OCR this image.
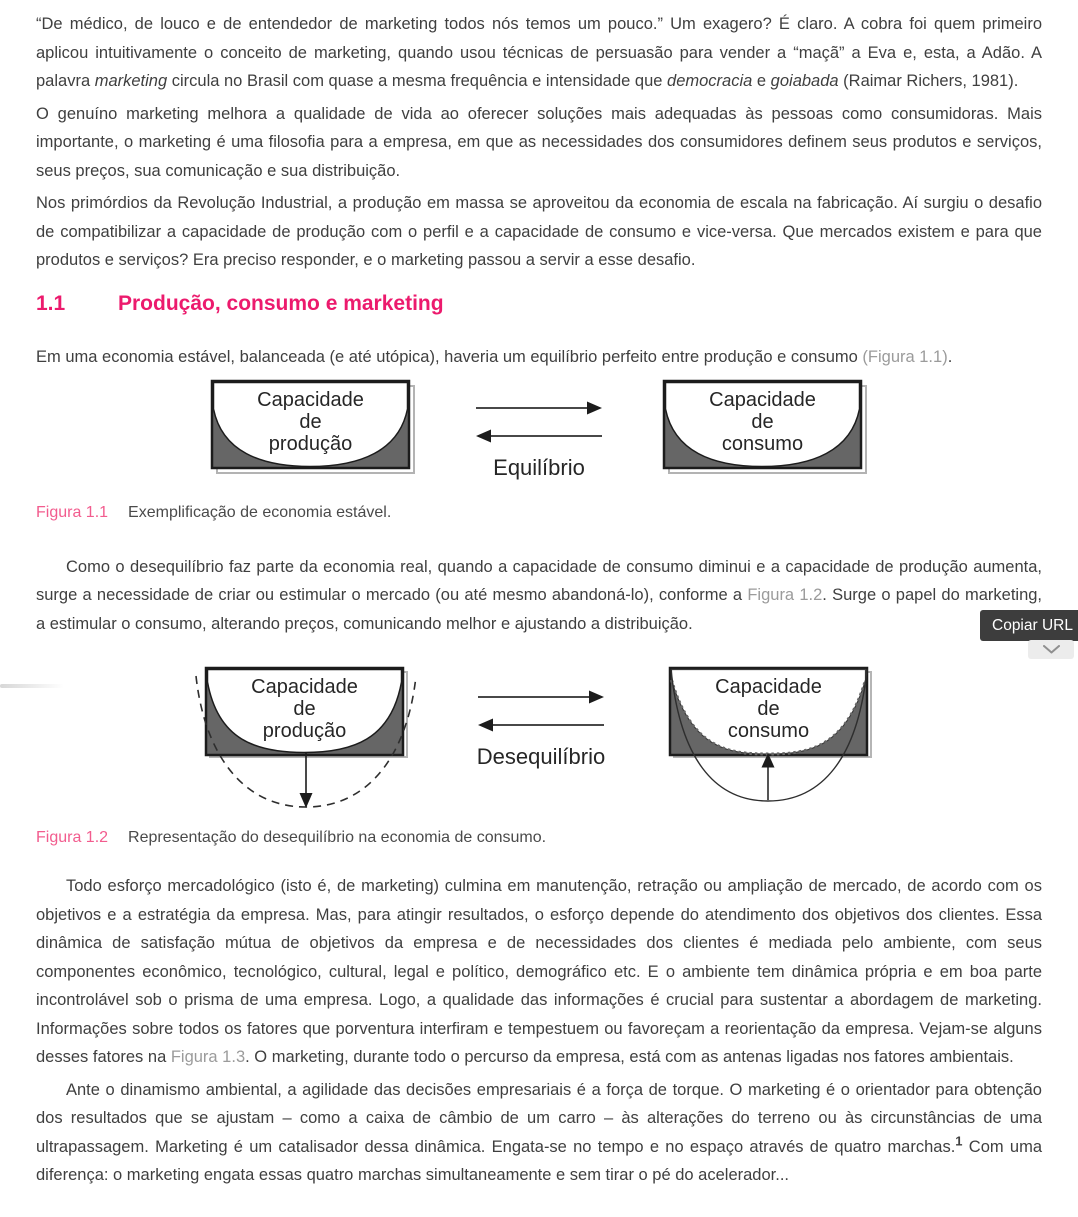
“De médico, de louco e de entendedor de marketing todos nós temos um pouco.” Um exagero? É claro. A cobra foi quem primeiro aplicou intuitivamente o conceito de marketing, quando usou técnicas de persuasão para vender a “maçã” a Eva e, esta, a Adão. A palavra marketing circula no Brasil com quase a mesma frequência e intensidade que democracia e goiabada (Raimar Richers, 1981).

O genuíno marketing melhora a qualidade de vida ao oferecer soluções mais adequadas às pessoas como consumidoras. Mais importante, o marketing é uma filosofia para a empresa, em que as necessidades dos consumidores definem seus produtos e serviços, seus preços, sua comunicação e sua distribuição.

Nos primórdios da Revolução Industrial, a produção em massa se aproveitou da economia de escala na fabricação. Aí surgiu o desafio de compatibilizar a capacidade de produção com o perfil e a capacidade de consumo e vice-versa. Que mercados existem e para que produtos e serviços? Era preciso responder, e o marketing passou a servir a esse desafio.

1.1	Produção, consumo e marketing

Em uma economia estável, balanceada (e até utópica), haveria um equilíbrio perfeito entre produção e consumo (Figura 1.1).

Capacidade
de
produção
Equilíbrio
Capacidade
de
consumo

Figura 1.1 Exemplificação de economia estável.

Como o desequilíbrio faz parte da economia real, quando a capacidade de consumo diminui e a capacidade de produção aumenta, surge a necessidade de criar ou estimular o mercado (ou até mesmo abandoná-lo), conforme a Figura 1.2. Surge o papel do marketing, a estimular o consumo, alterando preços, comunicando melhor e ajustando a distribuição.

Capacidade
de
produção
Desequilíbrio
Capacidade
de
consumo

Figura 1.2 Representação do desequilíbrio na economia de consumo.

Todo esforço mercadológico (isto é, de marketing) culmina em manutenção, retração ou ampliação de mercado, de acordo com os objetivos e a estratégia da empresa. Mas, para atingir resultados, o esforço depende do atendimento dos objetivos dos clientes. Essa dinâmica de satisfação mútua de objetivos da empresa e de necessidades dos clientes é mediada pelo ambiente, com seus componentes econômico, tecnológico, cultural, legal e político, demográfico etc. E o ambiente tem dinâmica própria e em boa parte incontrolável sob o prisma de uma empresa. Logo, a qualidade das informações é crucial para sustentar a abordagem de marketing. Informações sobre todos os fatores que porventura interfiram e tempestuem ou favoreçam a reorientação da empresa. Vejam-se alguns desses fatores na Figura 1.3. O marketing, durante todo o percurso da empresa, está com as antenas ligadas nos fatores ambientais.

Ante o dinamismo ambiental, a agilidade das decisões empresariais é a força de torque. O marketing é o orientador para obtenção dos resultados que se ajustam – como a caixa de câmbio de um carro – às alterações do terreno ou às circunstâncias de uma ultrapassagem. Marketing é um catalisador dessa dinâmica. Engata-se no tempo e no espaço através de quatro marchas.$^1$ Com uma diferença: o marketing engata essas quatro marchas simultaneamente e sem tirar o pé do acelerador...

Copiar URL
